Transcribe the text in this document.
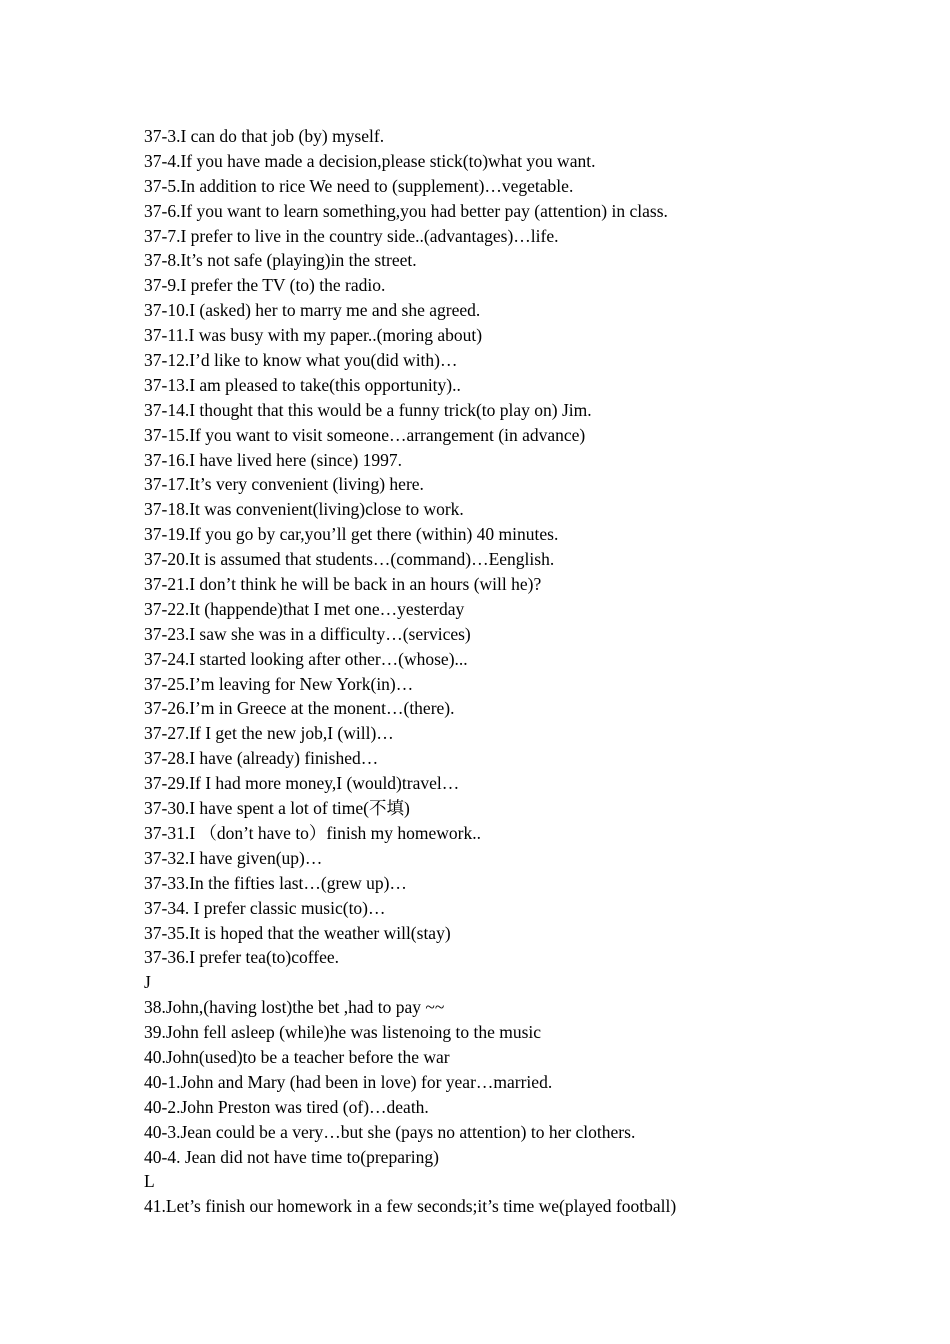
37-3.I can do that job (by) myself.
37-4.If you have made a decision,please stick(to)what you want.
37-5.In addition to rice We need to (supplement)…vegetable.
37-6.If you want to learn something,you had better pay (attention) in class.
37-7.I prefer to live in the country side..(advantages)…life.
37-8.It’s not safe (playing)in the street.
37-9.I prefer the TV (to) the radio.
37-10.I (asked) her to marry me and she agreed.
37-11.I was busy with my paper..(moring about)
37-12.I’d like to know what you(did with)…
37-13.I am pleased to take(this opportunity)..
37-14.I thought that this would be a funny trick(to play on) Jim.
37-15.If you want to visit someone…arrangement (in advance)
37-16.I have lived here (since) 1997.
37-17.It’s very convenient (living) here.
37-18.It was convenient(living)close to work.
37-19.If you go by car,you’ll get there (within) 40 minutes.
37-20.It is assumed that students…(command)…Eenglish.
37-21.I don’t think he will be back in an hours (will he)?
37-22.It (happende)that I met one…yesterday
37-23.I saw she was in a difficulty…(services)
37-24.I started looking after other…(whose)...
37-25.I’m leaving for New York(in)…
37-26.I’m in Greece at the monent…(there).
37-27.If I get the new job,I (will)…
37-28.I have (already) finished…
37-29.If I had more money,I (would)travel…
37-30.I have spent a lot of time(不填)
37-31.I （don’t have to）finish my homework..
37-32.I have given(up)…
37-33.In the fifties last…(grew up)…
37-34. I prefer classic music(to)…
37-35.It is hoped that the weather will(stay)
37-36.I prefer tea(to)coffee.
J
38.John,(having lost)the bet ,had to pay ~~
39.John fell asleep (while)he was listenoing to the music
40.John(used)to be a teacher before the war
40-1.John and Mary (had been in love) for year…married.
40-2.John Preston was tired (of)…death.
40-3.Jean could be a very…but she (pays no attention) to her clothers.
40-4. Jean did not have time to(preparing)
L
41.Let’s finish our homework in a few seconds;it’s time we(played football)
